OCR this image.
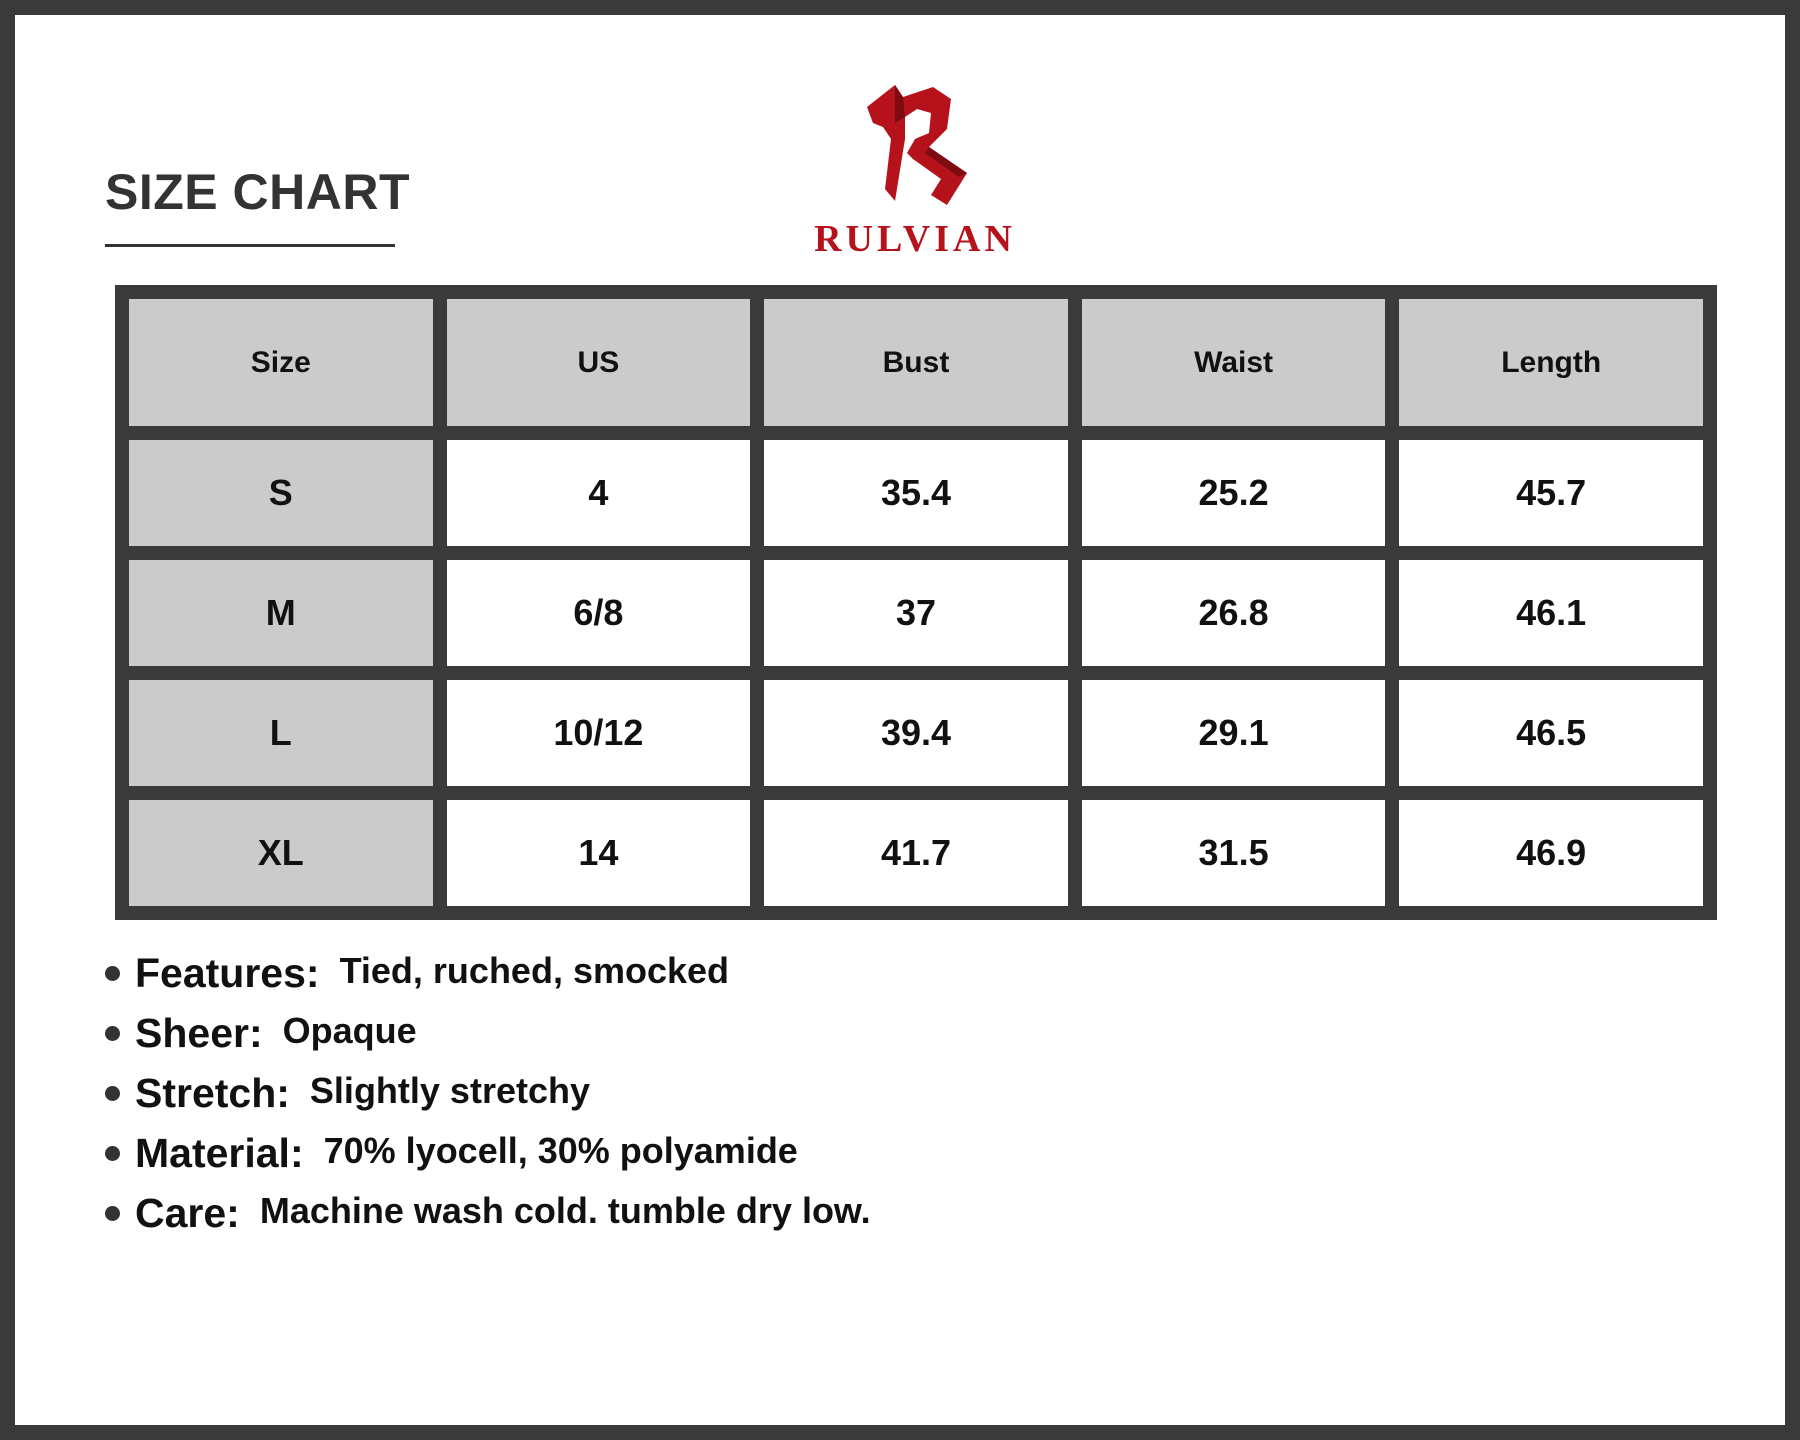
SIZE CHART
RULVIAN
Size	US	Bust	Waist	Length
S	4	35.4	25.2	45.7
M	6/8	37	26.8	46.1
L	10/12	39.4	29.1	46.5
XL	14	41.7	31.5	46.9
Features: Tied, ruched, smocked
Sheer: Opaque
Stretch: Slightly stretchy
Material: 70% lyocell, 30% polyamide
Care: Machine wash cold. tumble dry low.
